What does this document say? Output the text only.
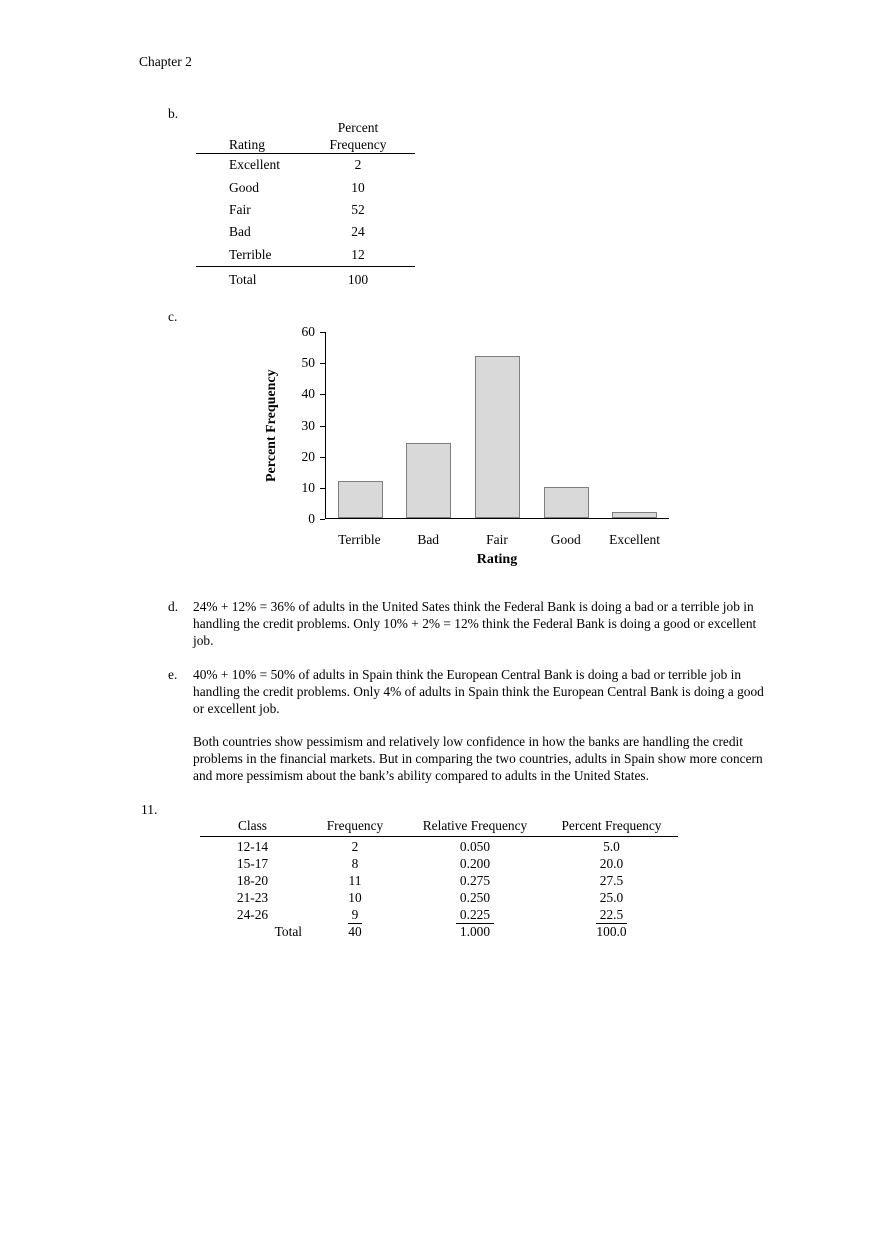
Chapter 2
b.
Percent
Rating	Frequency
Excellent	2
Good	10
Fair	52
Bad	24
Terrible	12
Total	100
c.
Percent Frequency
60
50
40
30
20
10
0
Terrible	Bad	Fair	Good	Excellent
Rating
d. 24% + 12% = 36% of adults in the United Sates think the Federal Bank is doing a bad or a terrible job in handling the credit problems. Only 10% + 2% = 12% think the Federal Bank is doing a good or excellent job.
e. 40% + 10% = 50% of adults in Spain think the European Central Bank is doing a bad or terrible job in handling the credit problems. Only 4% of adults in Spain think the European Central Bank is doing a good or excellent job.
Both countries show pessimism and relatively low confidence in how the banks are handling the credit problems in the financial markets. But in comparing the two countries, adults in Spain show more concern and more pessimism about the bank’s ability compared to adults in the United States.
11.
Class	Frequency	Relative Frequency	Percent Frequency
12-14	2	0.050	5.0
15-17	8	0.200	20.0
18-20	11	0.275	27.5
21-23	10	0.250	25.0
24-26	9	0.225	22.5
Total	40	1.000	100.0
